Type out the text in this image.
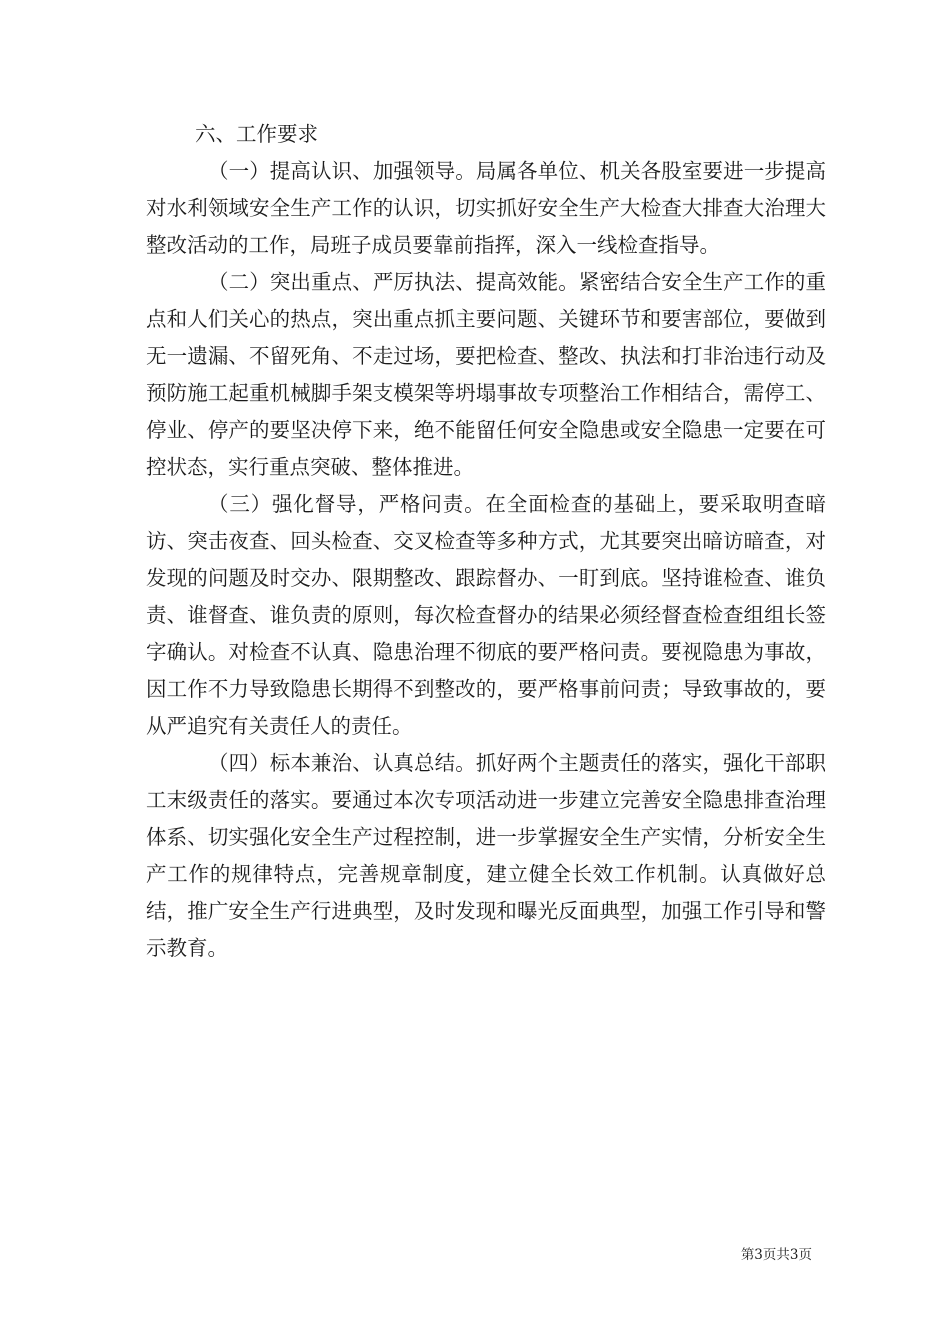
六、工作要求

（一）提高认识、加强领导。局属各单位、机关各股室要进一步提高对水利领域安全生产工作的认识，切实抓好安全生产大检查大排查大治理大整改活动的工作，局班子成员要靠前指挥，深入一线检查指导。

（二）突出重点、严厉执法、提高效能。紧密结合安全生产工作的重点和人们关心的热点，突出重点抓主要问题、关键环节和要害部位，要做到无一遗漏、不留死角、不走过场，要把检查、整改、执法和打非治违行动及预防施工起重机械脚手架支模架等坍塌事故专项整治工作相结合，需停工、停业、停产的要坚决停下来，绝不能留任何安全隐患或安全隐患一定要在可控状态，实行重点突破、整体推进。

（三）强化督导，严格问责。在全面检查的基础上，要采取明查暗访、突击夜查、回头检查、交叉检查等多种方式，尤其要突出暗访暗查，对发现的问题及时交办、限期整改、跟踪督办、一盯到底。坚持谁检查、谁负责、谁督查、谁负责的原则，每次检查督办的结果必须经督查检查组组长签字确认。对检查不认真、隐患治理不彻底的要严格问责。要视隐患为事故，因工作不力导致隐患长期得不到整改的，要严格事前问责；导致事故的，要从严追究有关责任人的责任。

（四）标本兼治、认真总结。抓好两个主题责任的落实，强化干部职工末级责任的落实。要通过本次专项活动进一步建立完善安全隐患排查治理体系、切实强化安全生产过程控制，进一步掌握安全生产实情，分析安全生产工作的规律特点，完善规章制度，建立健全长效工作机制。认真做好总结，推广安全生产行进典型，及时发现和曝光反面典型，加强工作引导和警示教育。

第3页共3页
